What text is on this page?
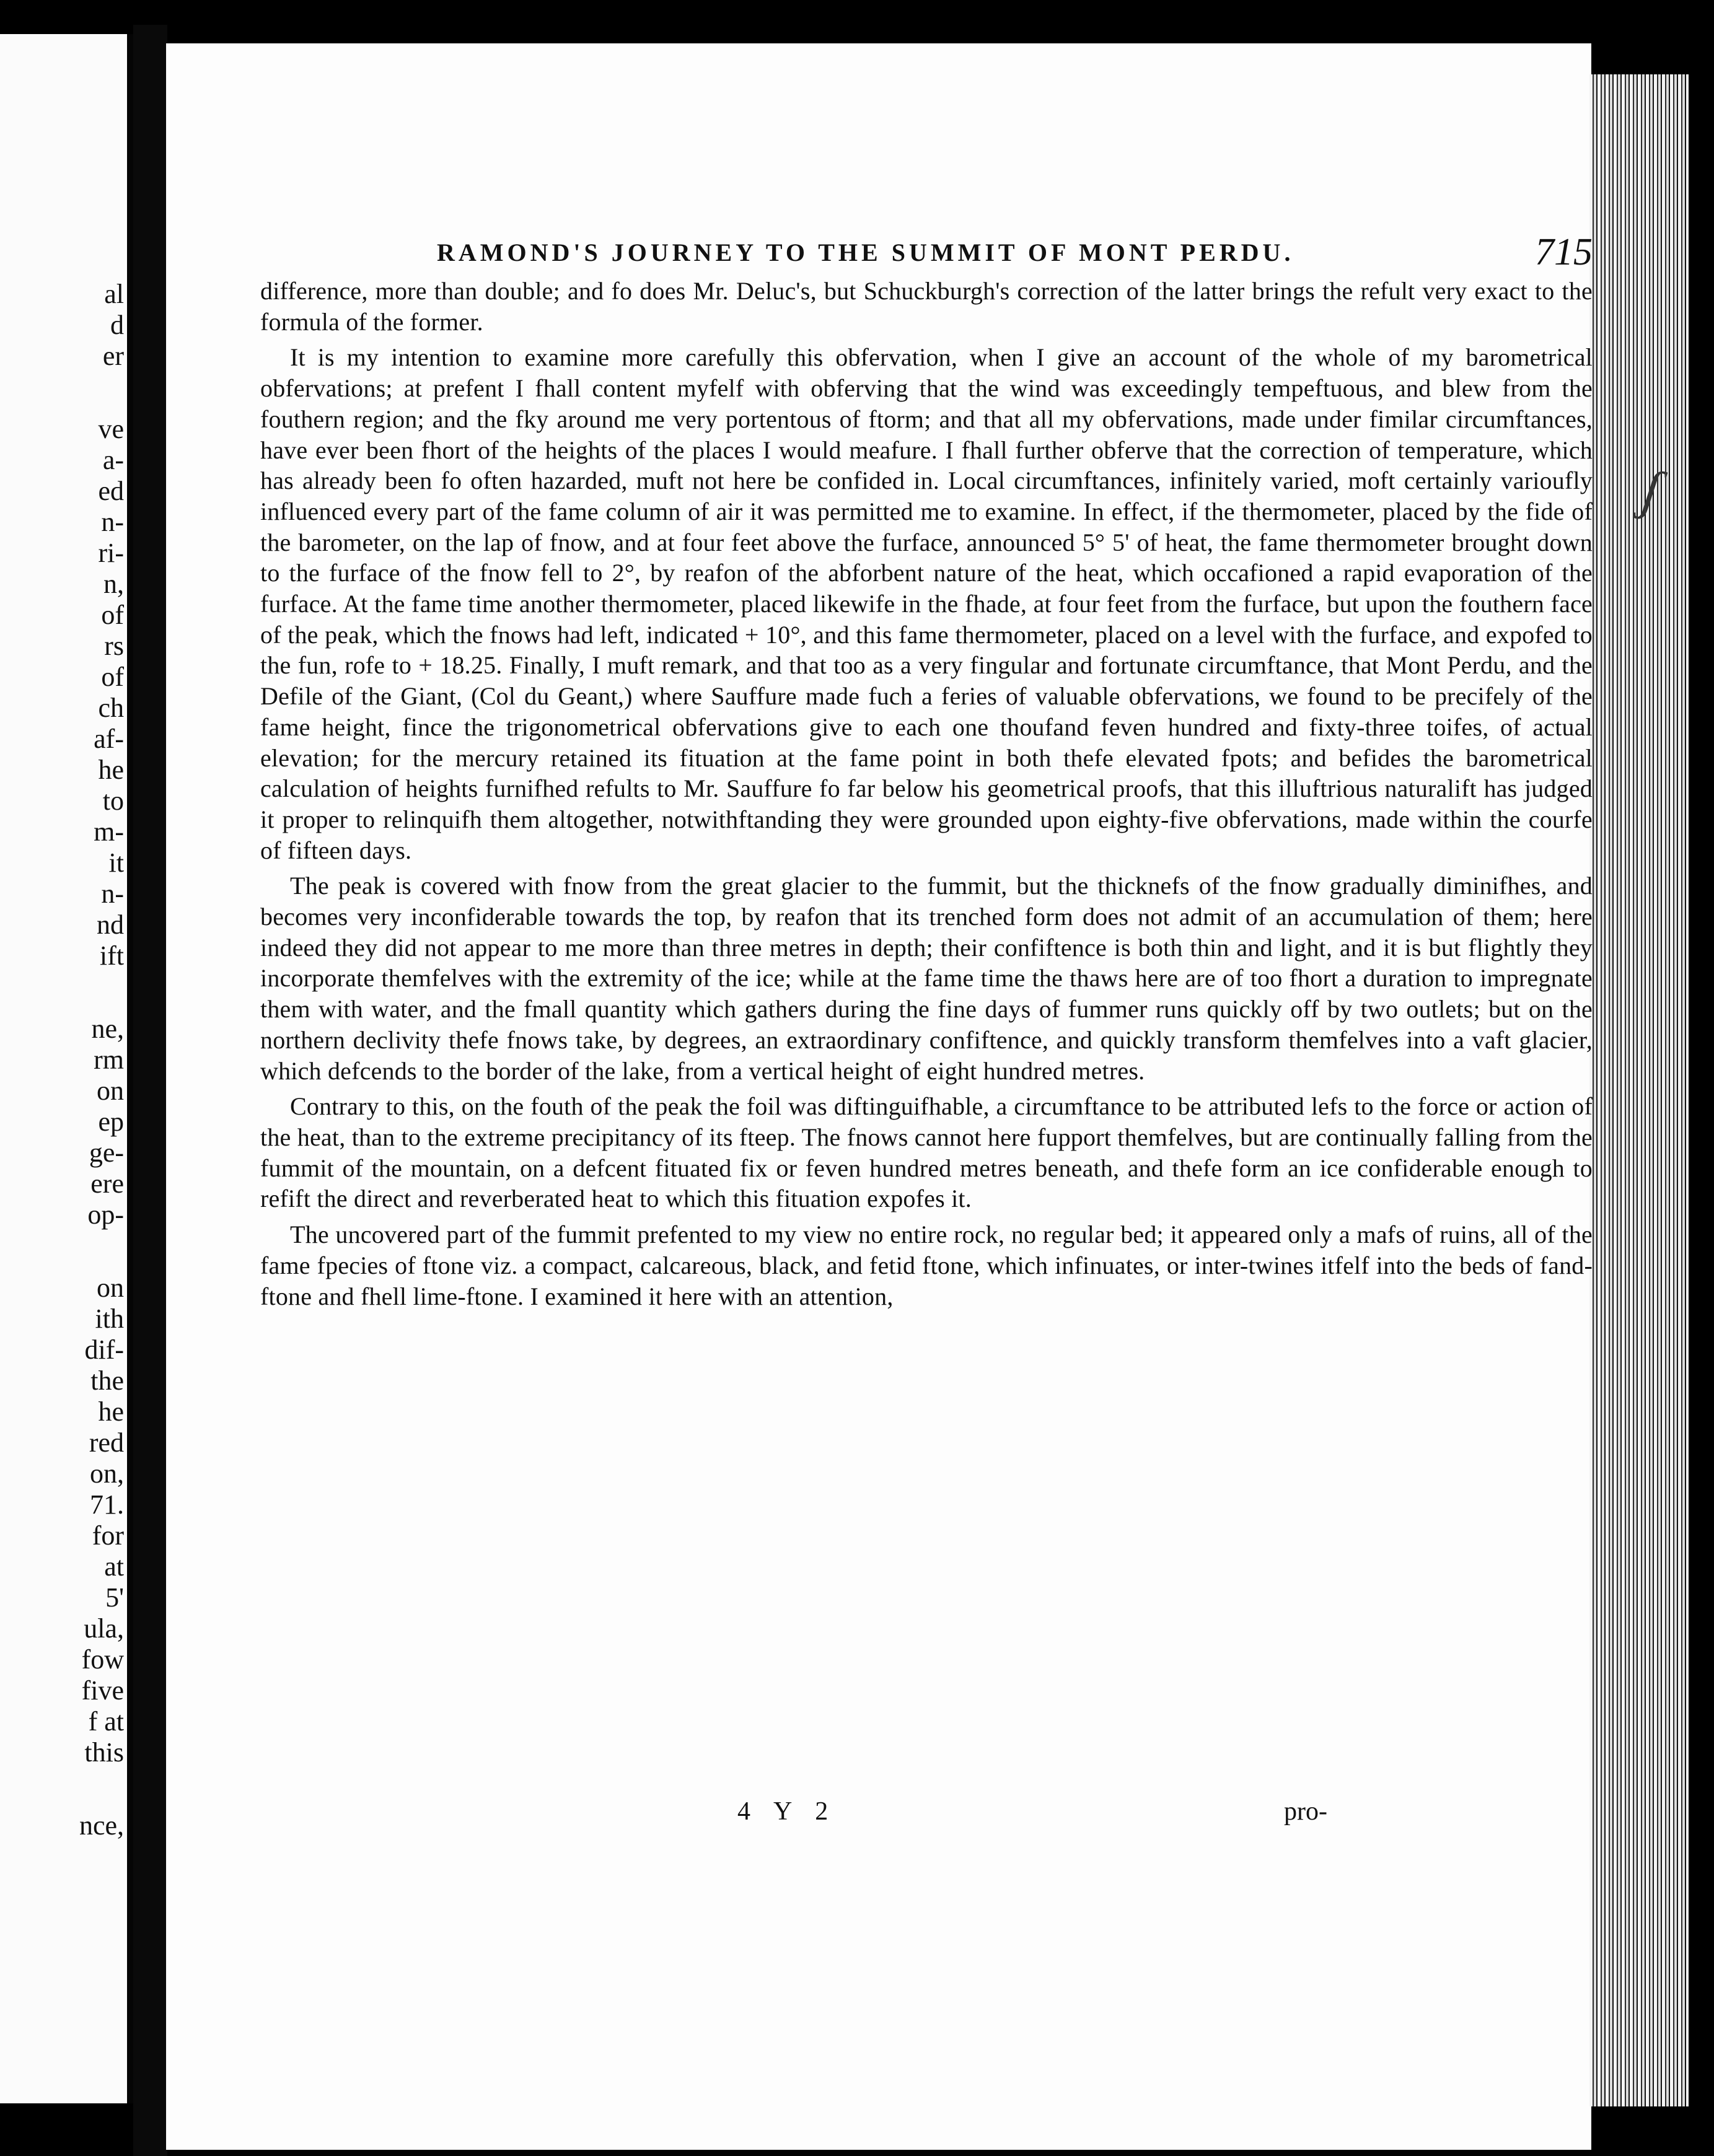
al
d
er
ve
a-
ed
n-
ri-
n,
of
rs
of
ch
af-
he
to
m-
it
n-
nd
ift
ne,
rm
on
ep
ge-
ere
op-
on
ith
dif-
the
he
red
on,
71.
for
at
5'
ula,
fow
five
f at
this
nce,
ʃ
RAMOND'S JOURNEY TO THE SUMMIT OF MONT PERDU.	715

difference, more than double; and fo does Mr. Deluc's, but Schuckburgh's correction of the latter brings the refult very exact to the formula of the former.

It is my intention to examine more carefully this obfervation, when I give an account of the whole of my barometrical obfervations; at prefent I fhall content myfelf with obferving that the wind was exceedingly tempeftuous, and blew from the fouthern region; and the fky around me very portentous of ftorm; and that all my obfervations, made under fimilar circumftances, have ever been fhort of the heights of the places I would meafure. I fhall further obferve that the correction of temperature, which has already been fo often hazarded, muft not here be confided in. Local circumftances, infinitely varied, moft certainly varioufly influenced every part of the fame column of air it was permitted me to examine. In effect, if the thermometer, placed by the fide of the barometer, on the lap of fnow, and at four feet above the furface, announced 5° 5' of heat, the fame thermometer brought down to the furface of the fnow fell to 2°, by reafon of the abforbent nature of the heat, which occafioned a rapid evaporation of the furface. At the fame time another thermometer, placed likewife in the fhade, at four feet from the furface, but upon the fouthern face of the peak, which the fnows had left, indicated + 10°, and this fame thermometer, placed on a level with the furface, and expofed to the fun, rofe to + 18.25. Finally, I muft remark, and that too as a very fingular and fortunate circumftance, that Mont Perdu, and the Defile of the Giant, (Col du Geant,) where Sauffure made fuch a feries of valuable obfervations, we found to be precifely of the fame height, fince the trigonometrical obfervations give to each one thoufand feven hundred and fixty-three toifes, of actual elevation; for the mercury retained its fituation at the fame point in both thefe elevated fpots; and befides the barometrical calculation of heights furnifhed refults to Mr. Sauffure fo far below his geometrical proofs, that this illuftrious naturalift has judged it proper to relinquifh them altogether, notwithftanding they were grounded upon eighty-five obfervations, made within the courfe of fifteen days.

The peak is covered with fnow from the great glacier to the fummit, but the thicknefs of the fnow gradually diminifhes, and becomes very inconfiderable towards the top, by reafon that its trenched form does not admit of an accumulation of them; here indeed they did not appear to me more than three metres in depth; their confiftence is both thin and light, and it is but flightly they incorporate themfelves with the extremity of the ice; while at the fame time the thaws here are of too fhort a duration to impregnate them with water, and the fmall quantity which gathers during the fine days of fummer runs quickly off by two outlets; but on the northern declivity thefe fnows take, by degrees, an extraordinary confiftence, and quickly transform themfelves into a vaft glacier, which defcends to the border of the lake, from a vertical height of eight hundred metres.

Contrary to this, on the fouth of the peak the foil was diftinguifhable, a circumftance to be attributed lefs to the force or action of the heat, than to the extreme precipitancy of its fteep. The fnows cannot here fupport themfelves, but are continually falling from the fummit of the mountain, on a defcent fituated fix or feven hundred metres beneath, and thefe form an ice confiderable enough to refift the direct and reverberated heat to which this fituation expofes it.

The uncovered part of the fummit prefented to my view no entire rock, no regular bed; it appeared only a mafs of ruins, all of the fame fpecies of ftone viz. a compact, calcareous, black, and fetid ftone, which infinuates, or inter-twines itfelf into the beds of fand-ftone and fhell lime-ftone. I examined it here with an attention,

4 Y 2	pro-
